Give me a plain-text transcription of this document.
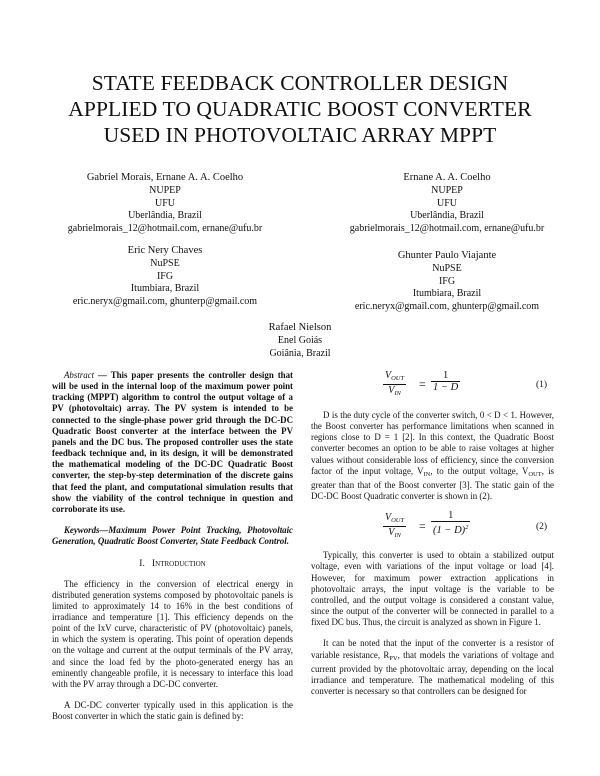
STATE FEEDBACK CONTROLLER DESIGN
APPLIED TO QUADRATIC BOOST CONVERTER
USED IN PHOTOVOLTAIC ARRAY MPPT
Gabriel Morais, Ernane A. A. Coelho
NUPEP
UFU
Uberlândia, Brazil
gabrielmorais_12@hotmail.com, ernane@ufu.br
Ernane A. A. Coelho
NUPEP
UFU
Uberlândia, Brazil
gabrielmorais_12@hotmail.com, ernane@ufu.br
Eric Nery Chaves
NuPSE
IFG
Itumbiara, Brazil
eric.neryx@gmail.com, ghunterp@gmail.com
Ghunter Paulo Viajante
NuPSE
IFG
Itumbiara, Brazil
eric.neryx@gmail.com, ghunterp@gmail.com
Rafael Nielson
Enel Goiás
Goiânia, Brazil

Abstract — This paper presents the controller design that will be used in the internal loop of the maximum power point tracking (MPPT) algorithm to control the output voltage of a PV (photovoltaic) array. The PV system is intended to be connected to the single-phase power grid through the DC-DC Quadratic Boost converter at the interface between the PV panels and the DC bus. The proposed controller uses the state feedback technique and, in its design, it will be demonstrated the mathematical modeling of the DC-DC Quadratic Boost converter, the step-by-step determination of the discrete gains that feed the plant, and computational simulation results that show the viability of the control technique in question and corroborate its use.

Keywords—Maximum Power Point Tracking, Photovoltaic Generation, Quadratic Boost Converter, State Feedback Control.

I. Introduction

The efficiency in the conversion of electrical energy in distributed generation systems composed by photovoltaic panels is limited to approximately 14 to 16% in the best conditions of irradiance and temperature [1]. This efficiency depends on the point of the IxV curve, characteristic of PV (photovoltaic) panels, in which the system is operating. This point of operation depends on the voltage and current at the output terminals of the PV array, and since the load fed by the photo-generated energy has an eminently changeable profile, it is necessary to interface this load with the PV array through a DC-DC converter.

A DC-DC converter typically used in this application is the Boost converter in which the static gain is defined by:

$V_{OUT}$
$V_{IN}$
= $\frac{1}{1 - D}$	(1)

D is the duty cycle of the converter switch, 0 < D < 1. However, the Boost converter has performance limitations when scanned in regions close to D = 1 [2]. In this context, the Quadratic Boost converter becomes an option to be able to raise voltages at higher values without considerable loss of efficiency, since the conversion factor of the input voltage, $V_{IN}$, to the output voltage, $V_{OUT}$, is greater than that of the Boost converter [3]. The static gain of the DC-DC Boost Quadratic converter is shown in (2).

$V_{OUT}$
$V_{IN}$
= $\frac{1}{(1 - D)^2}$	(2)

Typically, this converter is used to obtain a stabilized output voltage, even with variations of the input voltage or load [4]. However, for maximum power extraction applications in photovoltaic arrays, the input voltage is the variable to be controlled, and the output voltage is considered a constant value, since the output of the converter will be connected in parallel to a fixed DC bus. Thus, the circuit is analyzed as shown in Figure 1.

It can be noted that the input of the converter is a resistor of variable resistance, $R_{PV}$, that models the variations of voltage and current provided by the photovoltaic array, depending on the local irradiance and temperature. The mathematical modeling of this converter is necessary so that controllers can be designed for
